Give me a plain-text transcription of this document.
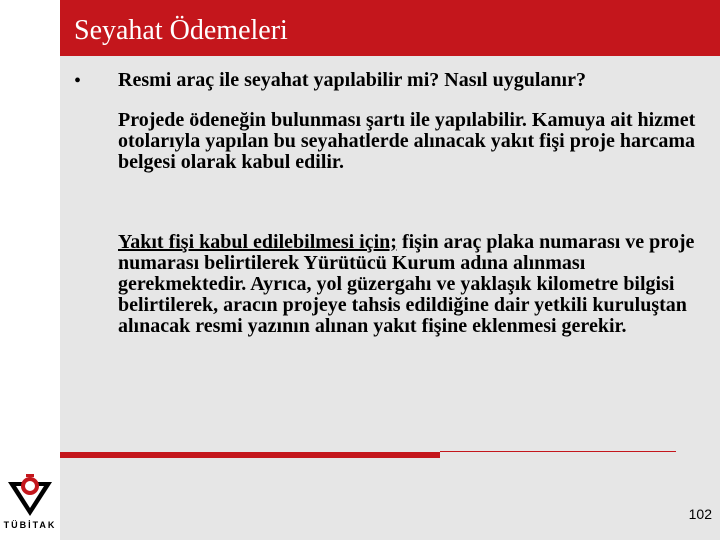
Seyahat Ödemeleri
• Resmi araç ile seyahat yapılabilir mi? Nasıl uygulanır?
Projede ödeneğin bulunması şartı ile yapılabilir. Kamuya ait hizmet otolarıyla yapılan bu seyahatlerde alınacak yakıt fişi proje harcama belgesi olarak kabul edilir.
Yakıt fişi kabul edilebilmesi için; fişin araç plaka numarası ve proje numarası belirtilerek Yürütücü Kurum adına alınması gerekmektedir. Ayrıca, yol güzergahı ve yaklaşık kilometre bilgisi belirtilerek, aracın projeye tahsis edildiğine dair yetkili kuruluştan alınacak resmi yazının alınan yakıt fişine eklenmesi gerekir.
102
TÜBİTAK
